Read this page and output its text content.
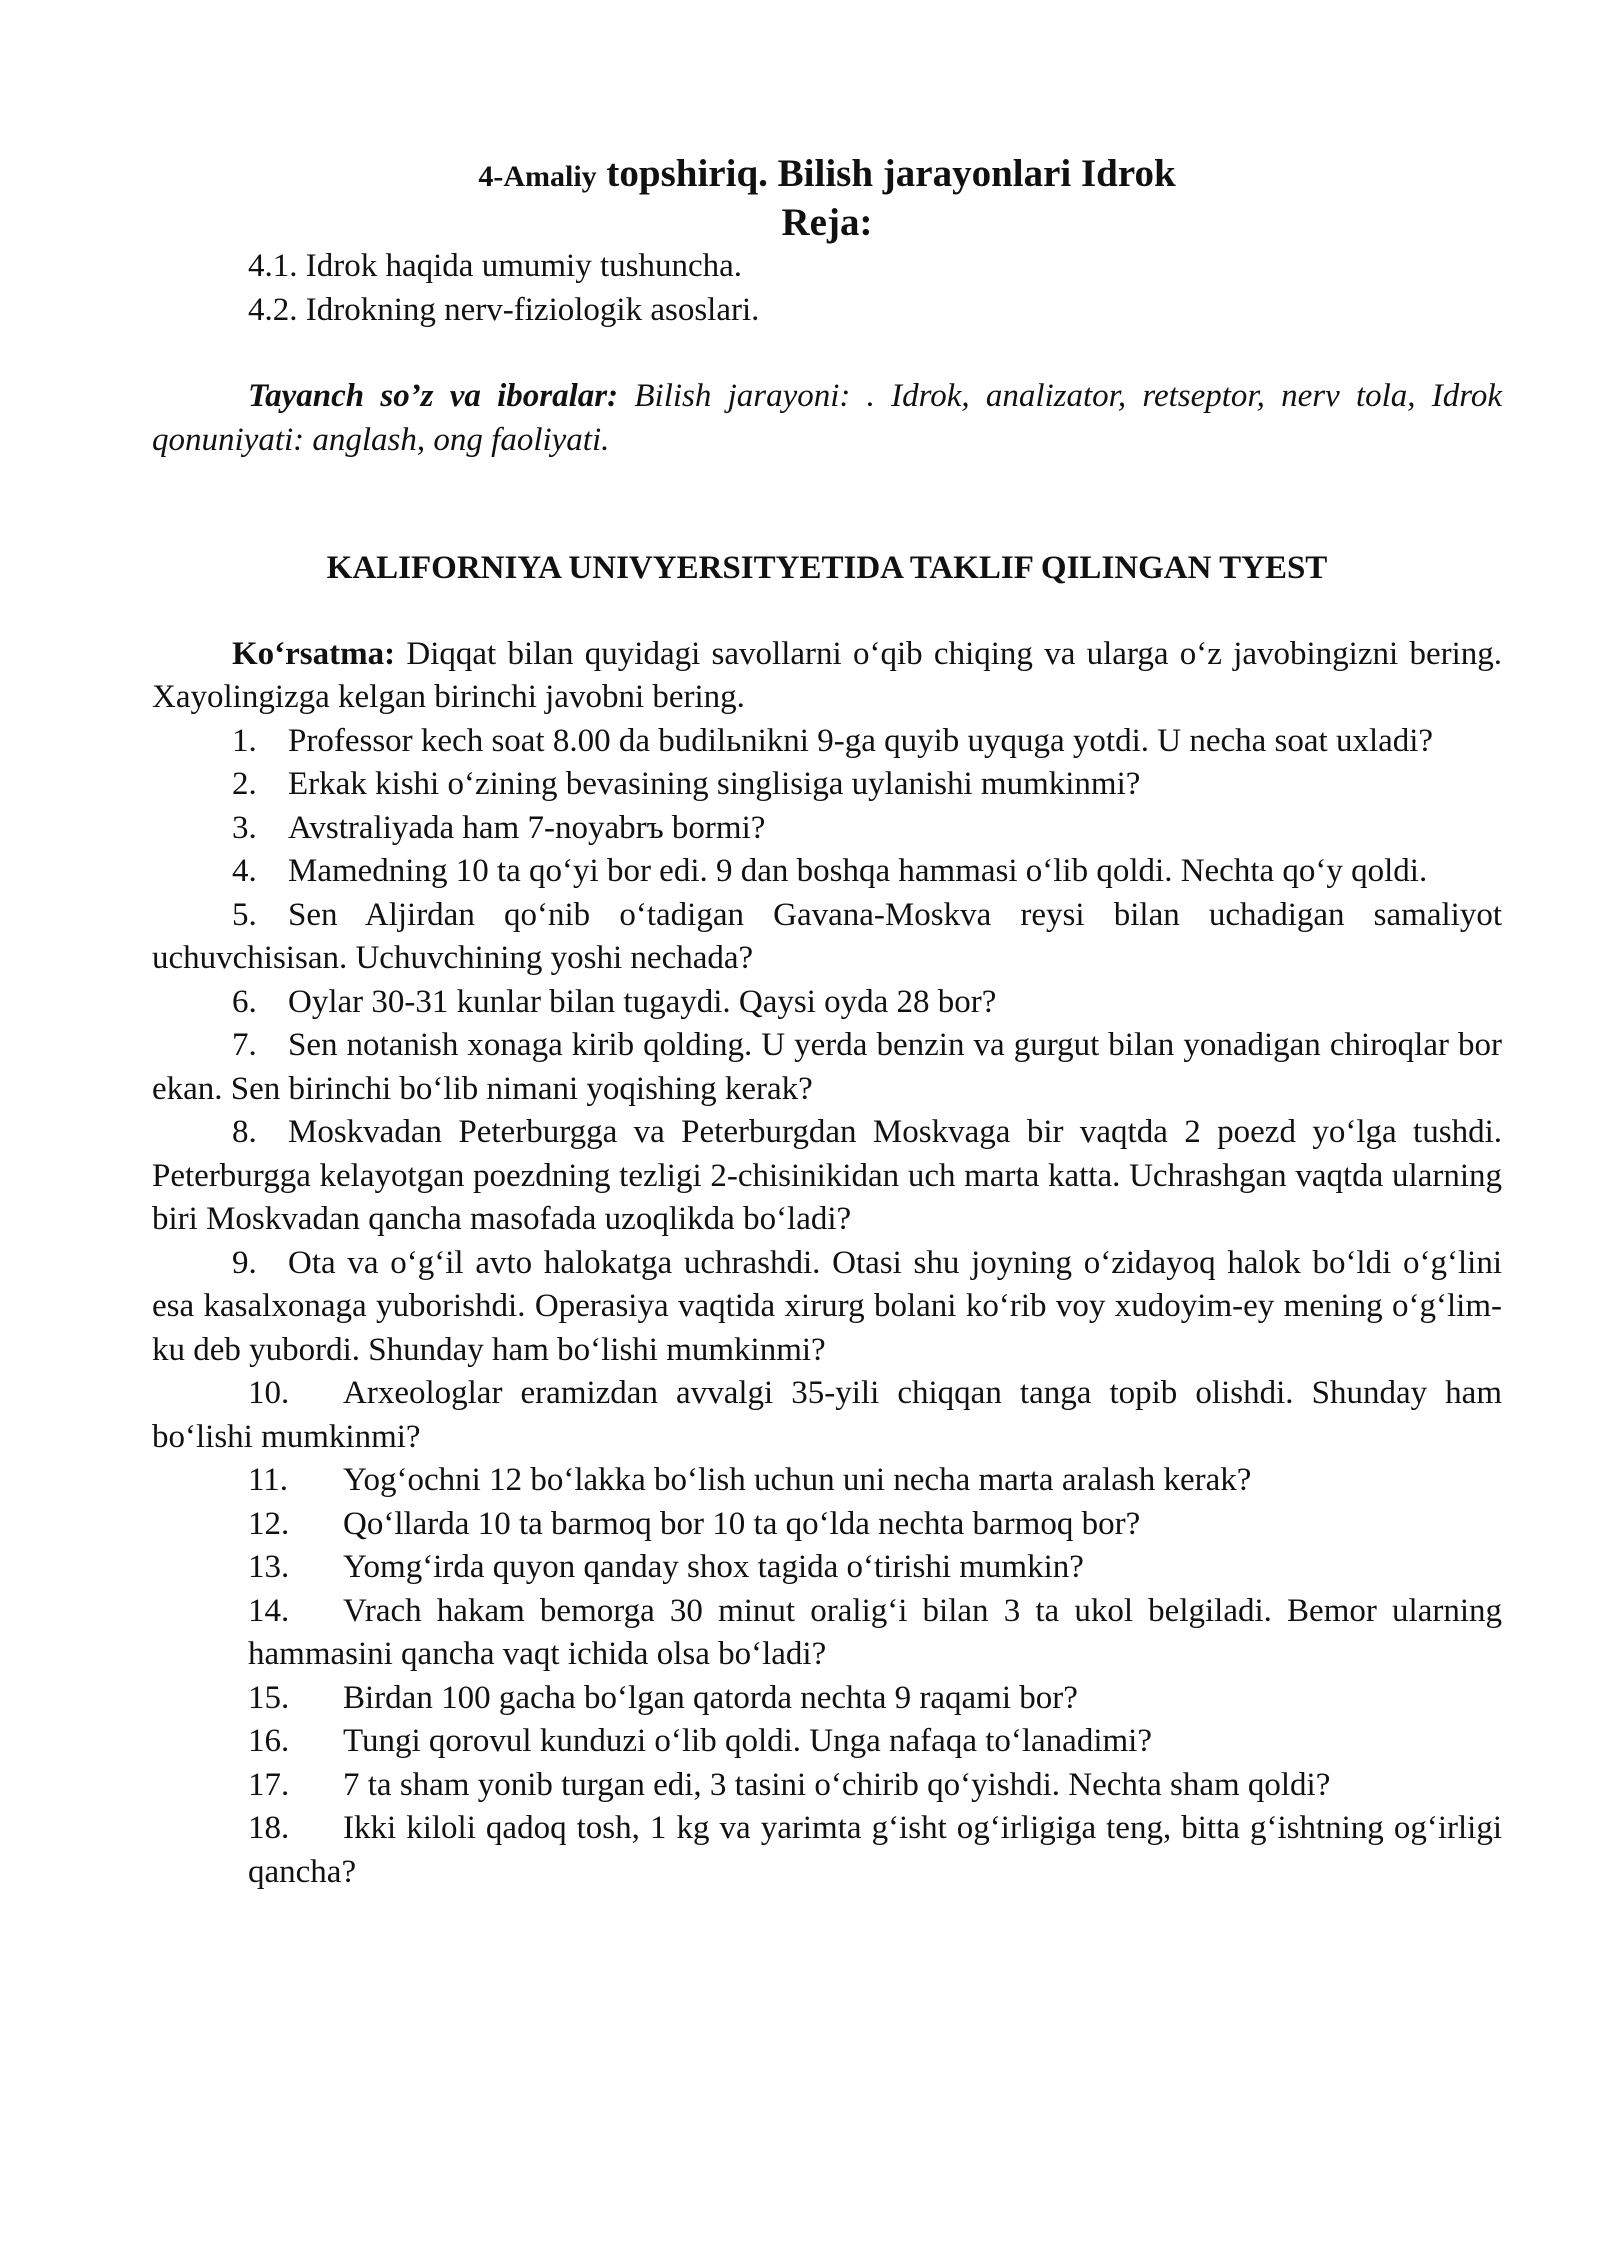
4-Amaliy topshiriq. Bilish jarayonlari Idrok
Reja:
4.1. Idrok haqida umumiy tushuncha.
4.2. Idrokning nerv-fiziologik asoslari.

Tayanch so’z va iboralar: Bilish jarayoni: . Idrok, analizator, retseptor, nerv tola, Idrok qonuniyati: anglash, ong faoliyati.

KALIFORNIYA UNIVYERSITYETIDA TAKLIF QILINGAN TYEST

Ko‘rsatma: Diqqat bilan quyidagi savollarni o‘qib chiqing va ularga o‘z javobingizni bering. Xayolingizga kelgan birinchi javobni bering.

1. Professor kech soat 8.00 da budilьnikni 9-ga quyib uyquga yotdi. U necha soat uxladi?

2. Erkak kishi o‘zining bevasining singlisiga uylanishi mumkinmi?

3. Avstraliyada ham 7-noyabrъ bormi?

4. Mamedning 10 ta qo‘yi bor edi. 9 dan boshqa hammasi o‘lib qoldi. Nechta qo‘y qoldi.

5. Sen Aljirdan qo‘nib o‘tadigan Gavana-Moskva reysi bilan uchadigan samaliyot uchuvchisisan. Uchuvchining yoshi nechada?

6. Oylar 30-31 kunlar bilan tugaydi. Qaysi oyda 28 bor?

7. Sen notanish xonaga kirib qolding. U yerda benzin va gurgut bilan yonadigan chiroqlar bor ekan. Sen birinchi bo‘lib nimani yoqishing kerak?

8. Moskvadan Peterburgga va Peterburgdan Moskvaga bir vaqtda 2 poezd yo‘lga tushdi. Peterburgga kelayotgan poezdning tezligi 2-chisinikidan uch marta katta. Uchrashgan vaqtda ularning biri Moskvadan qancha masofada uzoqlikda bo‘ladi?

9. Ota va o‘g‘il avto halokatga uchrashdi. Otasi shu joyning o‘zidayoq halok bo‘ldi o‘g‘lini esa kasalxonaga yuborishdi. Operasiya vaqtida xirurg bolani ko‘rib voy xudoyim-ey mening o‘g‘lim-ku deb yubordi. Shunday ham bo‘lishi mumkinmi?

10. Arxeologlar eramizdan avvalgi 35-yili chiqqan tanga topib olishdi. Shunday ham bo‘lishi mumkinmi?

11. Yog‘ochni 12 bo‘lakka bo‘lish uchun uni necha marta aralash kerak?

12. Qo‘llarda 10 ta barmoq bor 10 ta qo‘lda nechta barmoq bor?

13. Yomg‘irda quyon qanday shox tagida o‘tirishi mumkin?

14. Vrach hakam bemorga 30 minut oralig‘i bilan 3 ta ukol belgiladi. Bemor ularning hammasini qancha vaqt ichida olsa bo‘ladi?

15. Birdan 100 gacha bo‘lgan qatorda nechta 9 raqami bor?

16. Tungi qorovul kunduzi o‘lib qoldi. Unga nafaqa to‘lanadimi?

17. 7 ta sham yonib turgan edi, 3 tasini o‘chirib qo‘yishdi. Nechta sham qoldi?

18. Ikki kiloli qadoq tosh, 1 kg va yarimta g‘isht og‘irligiga teng, bitta g‘ishtning og‘irligi qancha?
